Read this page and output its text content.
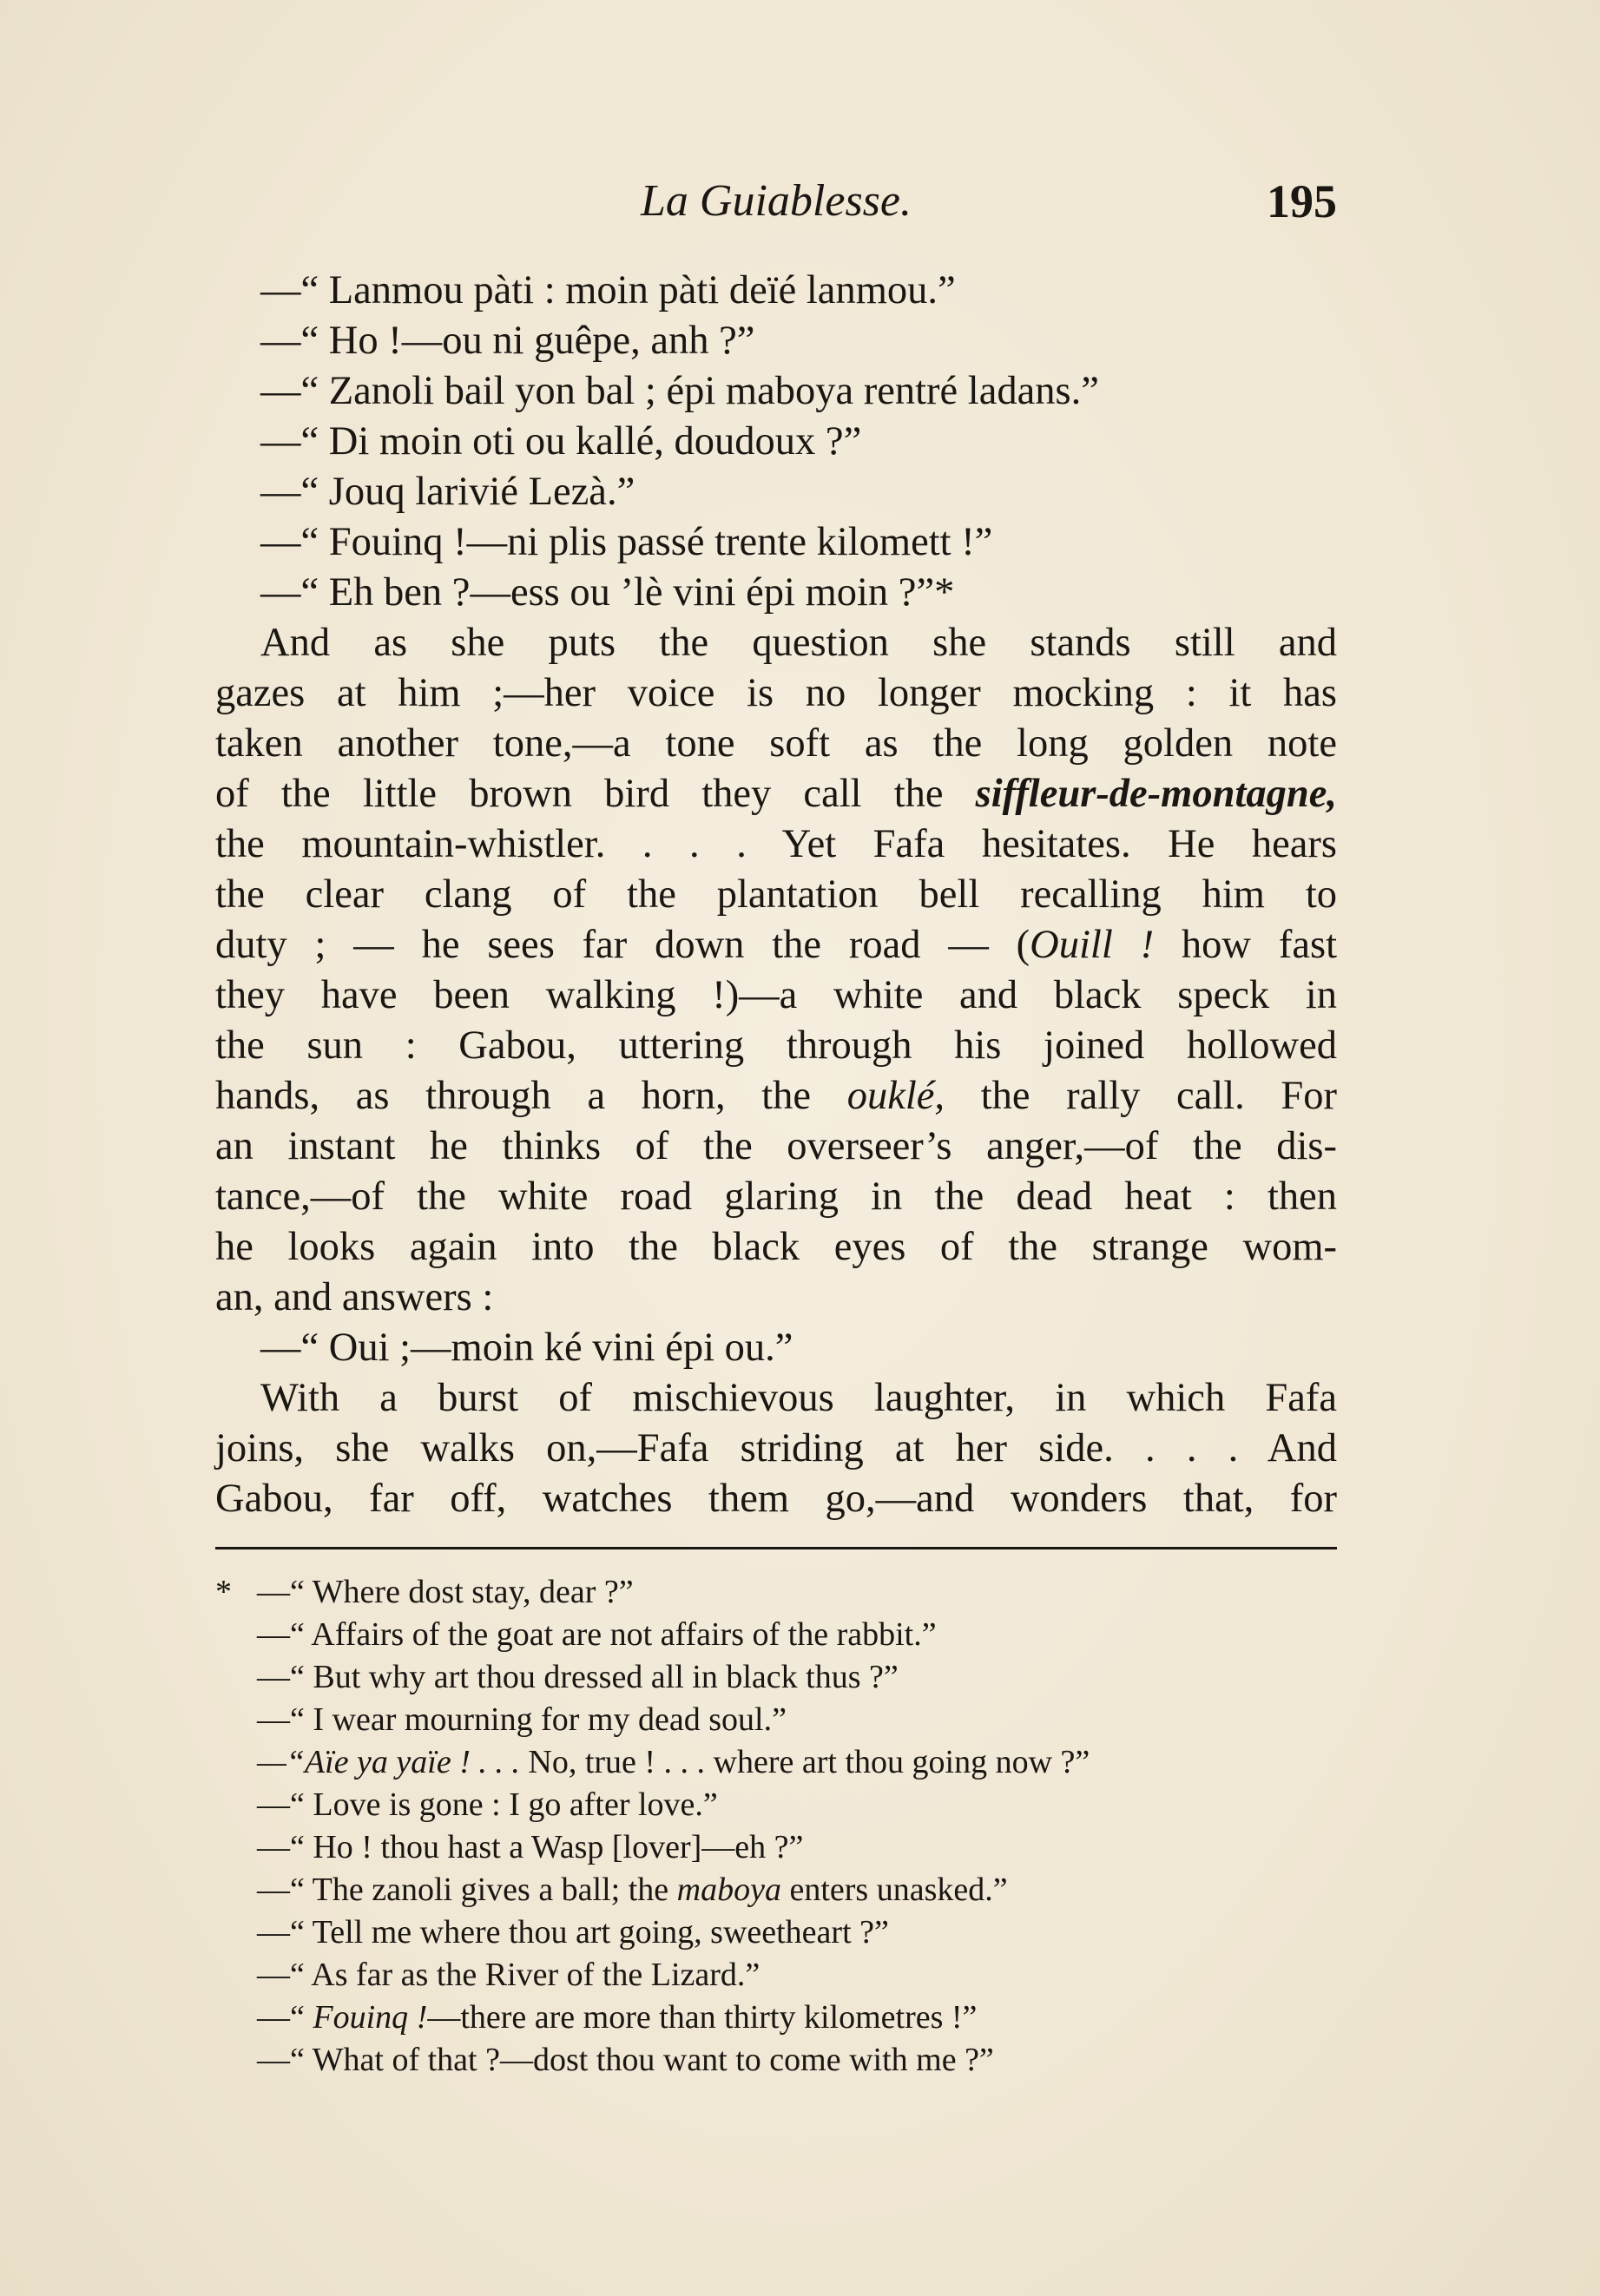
La Guiablesse.	195
—“ Lanmou pàti : moin pàti deïé lanmou.”
—“ Ho !—ou ni guêpe, anh ?”
—“ Zanoli bail yon bal ; épi maboya rentré ladans.”
—“ Di moin oti ou kallé, doudoux ?”
—“ Jouq larivié Lezà.”
—“ Fouinq !—ni plis passé trente kilomett !”
—“ Eh ben ?—ess ou ’lè vini épi moin ?”*
And as she puts the question she stands still and
gazes at him ;—her voice is no longer mocking : it has
taken another tone,—a tone soft as the long golden note
of the little brown bird they call the siffleur-de-montagne,
the mountain-whistler. . . . Yet Fafa hesitates. He hears
the clear clang of the plantation bell recalling him to
duty ; — he sees far down the road — (Ouill ! how fast
they have been walking !)—a white and black speck in
the sun : Gabou, uttering through his joined hollowed
hands, as through a horn, the ouklé, the rally call. For
an instant he thinks of the overseer’s anger,—of the dis-
tance,—of the white road glaring in the dead heat : then
he looks again into the black eyes of the strange wom-
an, and answers :
—“ Oui ;—moin ké vini épi ou.”
With a burst of mischievous laughter, in which Fafa
joins, she walks on,—Fafa striding at her side. . . . And
Gabou, far off, watches them go,—and wonders that, for
* —“ Where dost stay, dear ?”
—“ Affairs of the goat are not affairs of the rabbit.”
—“ But why art thou dressed all in black thus ?”
—“ I wear mourning for my dead soul.”
—“Aïe ya yaïe ! . . . No, true ! . . . where art thou going now ?”
—“ Love is gone : I go after love.”
—“ Ho ! thou hast a Wasp [lover]—eh ?”
—“ The zanoli gives a ball; the maboya enters unasked.”
—“ Tell me where thou art going, sweetheart ?”
—“ As far as the River of the Lizard.”
—“ Fouinq !—there are more than thirty kilometres !”
—“ What of that ?—dost thou want to come with me ?”
